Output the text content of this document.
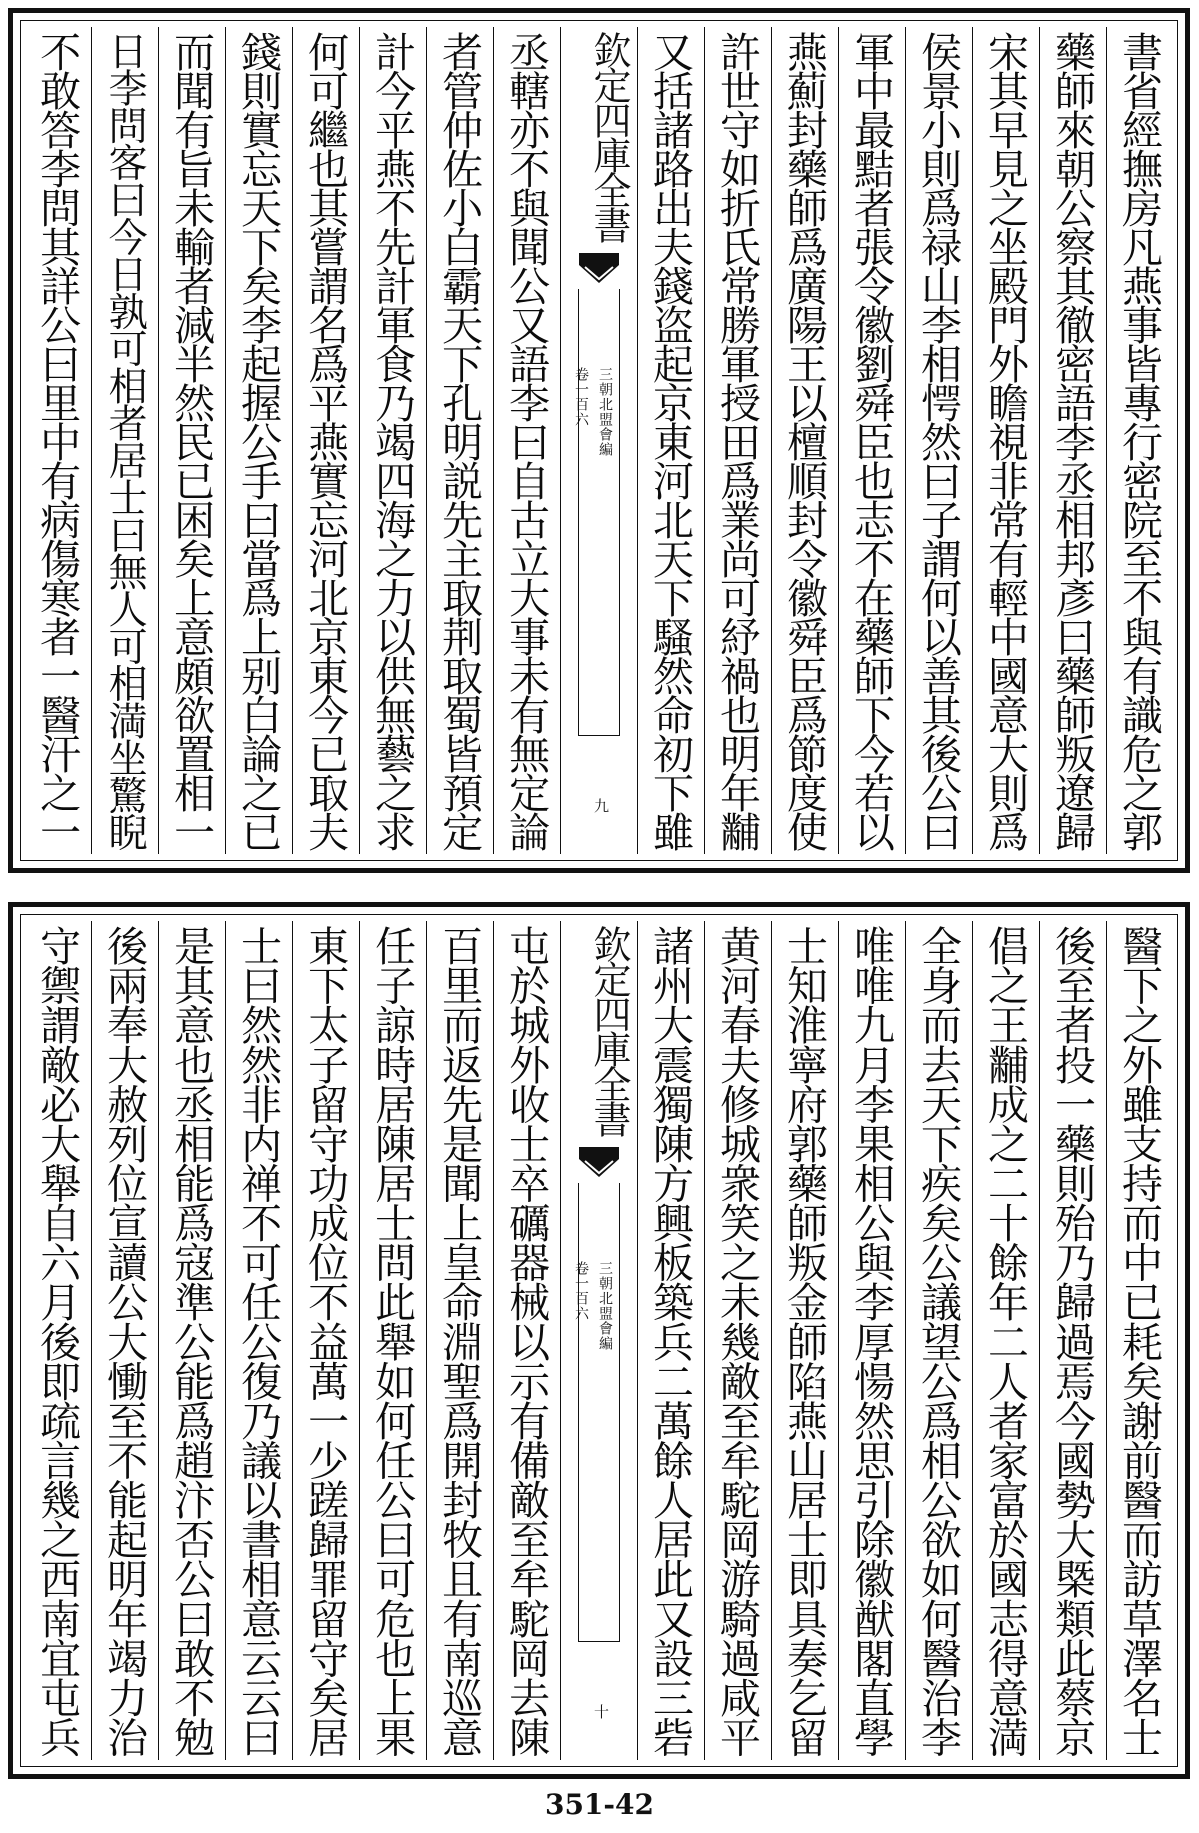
書省經撫房凡燕事皆專行密院至不與有識危之郭
藥師來朝公察其徹密語李丞相邦彥曰藥師叛遼歸
宋其早見之坐殿門外瞻視非常有輕中國意大則爲
侯景小則爲禄山李相愕然曰子謂何以善其後公曰
軍中最黠者張令徽劉舜臣也志不在藥師下今若以
燕薊封藥師爲廣陽王以檀順封令徽舜臣爲節度使
許世守如折氏常勝軍授田爲業尚可紓禍也明年黼
又括諸路出夫錢盗起京東河北天下騷然命初下雖
欽定四庫全書
三朝北盟會編
卷一百六
九
丞轄亦不與聞公又語李曰自古立大事未有無定論
者管仲佐小白霸天下孔明説先主取荆取蜀皆預定
計今平燕不先計軍食乃竭四海之力以供無藝之求
何可繼也其嘗謂名爲平燕實忘河北京東今已取夫
錢則實忘天下矣李起握公手曰當爲上别白論之已
而聞有旨未輸者減半然民已困矣上意頗欲置相一
日李問客曰今日孰可相者居士曰無人可相満坐驚睨
不敢答李問其詳公曰里中有病傷寒者一醫汗之一
醫下之外雖支持而中已耗矣謝前醫而訪草澤名士
後至者投一藥則殆乃歸過焉今國勢大槩類此蔡京
倡之王黼成之二十餘年二人者家富於國志得意満
全身而去天下疾矣公議望公爲相公欲如何醫治李
唯唯九月李果相公與李厚愓然思引除徽猷閣直學
士知淮寧府郭藥師叛金師陷燕山居士即具奏乞留
黄河春夫修城衆笑之未幾敵至牟駝岡游騎過咸平
諸州大震獨陳方興板築兵二萬餘人居此又設三砦
欽定四庫全書
三朝北盟會編
卷一百六
十
屯於城外收士卒礪器械以示有備敵至牟駝岡去陳
百里而返先是聞上皇命淵聖爲開封牧且有南巡意
任子諒時居陳居士問此舉如何任公曰可危也上果
東下太子留守功成位不益萬一少蹉歸罪留守矣居
士曰然然非内禅不可任公復乃議以書相意云云曰
是其意也丞相能爲寇準公能爲趙汴否公曰敢不勉
後兩奉大赦列位宣讀公大慟至不能起明年竭力治
守禦謂敵必大舉自六月後即疏言幾之西南宜屯兵
351-42
